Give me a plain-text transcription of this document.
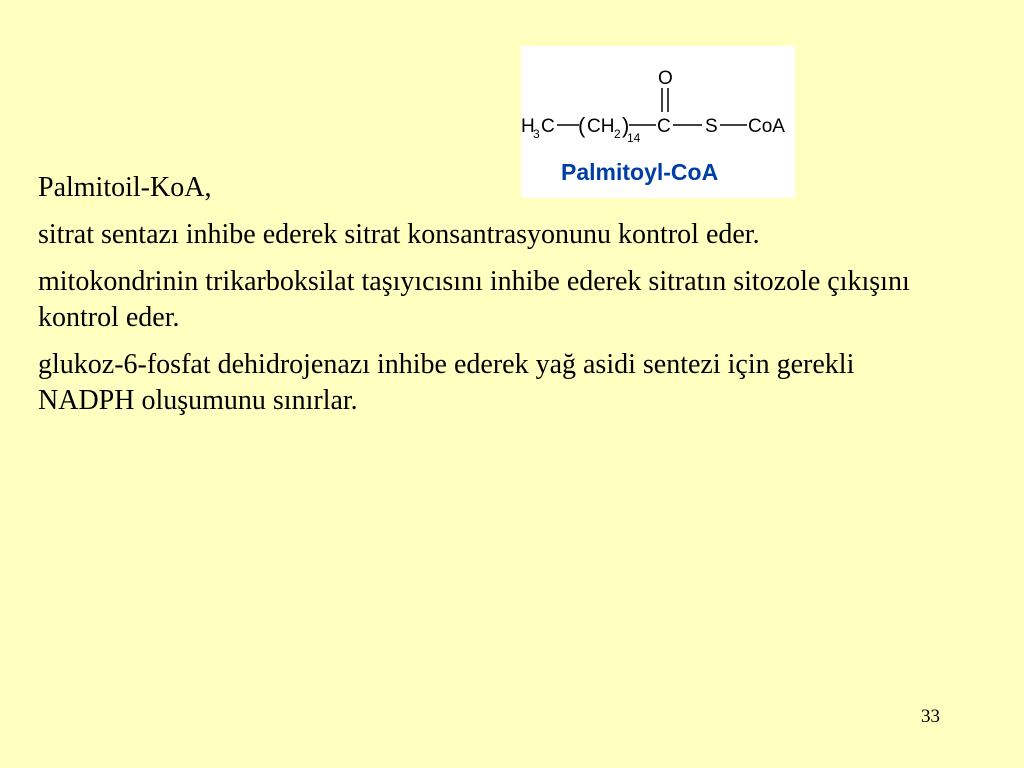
H
3 C ( CH 2 )
14
C
O
S CoA
Palmitoyl-CoA

Palmitoil-KoA,

sitrat sentazı inhibe ederek sitrat konsantrasyonunu kontrol eder.

mitokondrinin trikarboksilat taşıyıcısını inhibe ederek sitratın sitozole çıkışını kontrol eder.

glukoz-6-fosfat dehidrojenazı inhibe ederek yağ asidi sentezi için gerekli NADPH oluşumunu sınırlar.

33
